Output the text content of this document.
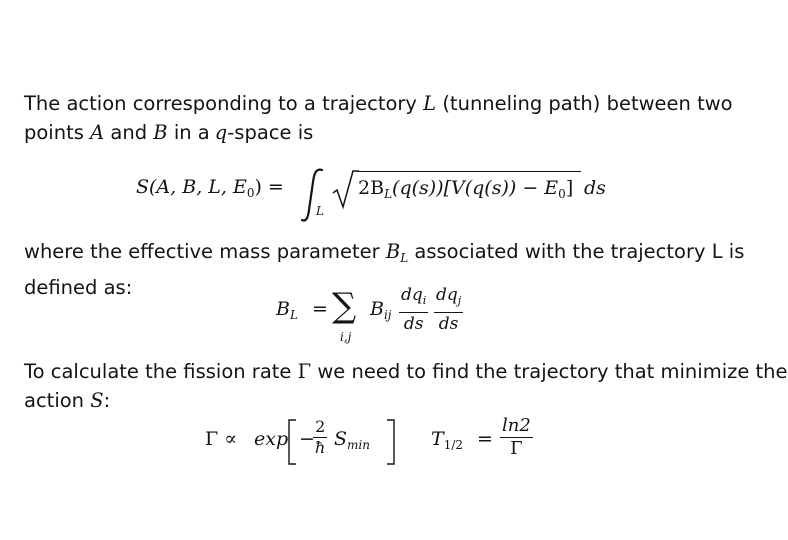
The action corresponding to a trajectory L (tunneling path) between two
points A and B in a q-space is
S(A, B, L, $E_0$) =
L
$2B_L(q(s))[V(q(s)) - E_0]$ ds
where the effective mass parameter $B_L$ associated with the trajectory L is
defined as:
$B_L$ = ∑
i,j
$B_{ij}$
$dq_i$
ds
$dq_j$
ds
To calculate the fission rate Γ we need to find the trajectory that minimize the
action S:
Γ ∝ exp −
$\frac{2}{ħ} S_{min}$	$T_{1/2} = \frac{\ln 2}{\Gamma}$
